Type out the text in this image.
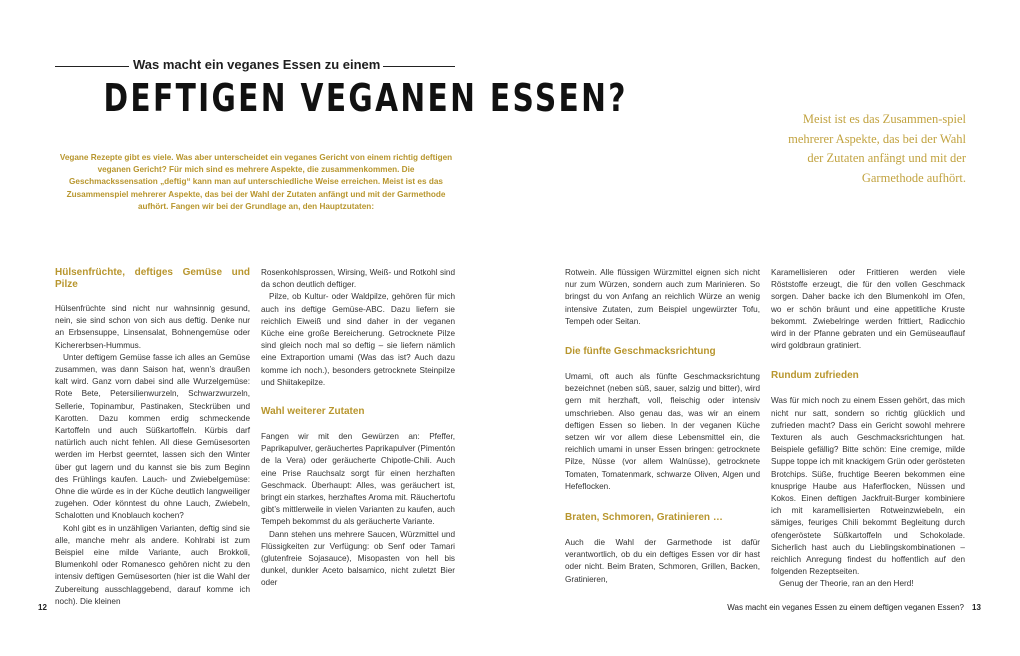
Was macht ein veganes Essen zu einem
DEFTIGEN VEGANEN ESSEN?
Vegane Rezepte gibt es viele. Was aber unterscheidet ein veganes Gericht von einem richtig deftigen veganen Gericht? Für mich sind es mehrere Aspekte, die zusammenkommen. Die Geschmackssensation „deftig“ kann man auf unterschiedliche Weise erreichen. Meist ist es das Zusammenspiel mehrerer Aspekte, das bei der Wahl der Zutaten anfängt und mit der Garmethode aufhört. Fangen wir bei der Grundlage an, den Hauptzutaten:
Meist ist es das Zusammen-spiel mehrerer Aspekte, das bei der Wahl der Zutaten anfängt und mit der Garmethode aufhört.
Hülsenfrüchte, deftiges Gemüse und Pilze

Hülsenfrüchte sind nicht nur wahnsinnig gesund, nein, sie sind schon von sich aus deftig. Denke nur an Erbsensuppe, Linsensalat, Bohnengemüse oder Kichererbsen-Hummus.

Unter deftigem Gemüse fasse ich alles an Gemüse zusammen, was dann Saison hat, wenn’s draußen kalt wird. Ganz vorn dabei sind alle Wurzelgemüse: Rote Bete, Petersilienwurzeln, Schwarzwurzeln, Sellerie, Topinambur, Pastinaken, Steckrüben und Karotten. Dazu kommen erdig schmeckende Kartoffeln und auch Süßkartoffeln. Kürbis darf natürlich auch nicht fehlen. All diese Gemüsesorten werden im Herbst geerntet, lassen sich den Winter über gut lagern und du kannst sie bis zum Beginn des Frühlings kaufen. Lauch- und Zwiebelgemüse: Ohne die würde es in der Küche deutlich langweiliger zugehen. Oder könntest du ohne Lauch, Zwiebeln, Schalotten und Knoblauch kochen?

Kohl gibt es in unzähligen Varianten, deftig sind sie alle, manche mehr als andere. Kohlrabi ist zum Beispiel eine milde Variante, auch Brokkoli, Blumenkohl oder Romanesco gehören nicht zu den intensiv deftigen Gemüsesorten (hier ist die Wahl der Zubereitung ausschlaggebend, darauf komme ich noch). Die kleinen

Rosenkohlsprossen, Wirsing, Weiß- und Rotkohl sind da schon deutlich deftiger.

Pilze, ob Kultur- oder Waldpilze, gehören für mich auch ins deftige Gemüse-ABC. Dazu liefern sie reichlich Eiweiß und sind daher in der veganen Küche eine große Bereicherung. Getrocknete Pilze sind gleich noch mal so deftig – sie liefern nämlich eine Extraportion umami (Was das ist? Auch dazu komme ich noch.), besonders getrocknete Steinpilze und Shiitakepilze.

Wahl weiterer Zutaten

Fangen wir mit den Gewürzen an: Pfeffer, Paprikapulver, geräuchertes Paprikapulver (Pimentón de la Vera) oder geräucherte Chipotle-Chili. Auch eine Prise Rauchsalz sorgt für einen herzhaften Geschmack. Überhaupt: Alles, was geräuchert ist, bringt ein starkes, herzhaftes Aroma mit. Räuchertofu gibt’s mittlerweile in vielen Varianten zu kaufen, auch Tempeh bekommst du als geräucherte Variante.

Dann stehen uns mehrere Saucen, Würzmittel und Flüssigkeiten zur Verfügung: ob Senf oder Tamari (glutenfreie Sojasauce), Misopasten von hell bis dunkel, dunkler Aceto balsamico, nicht zuletzt Bier oder

Rotwein. Alle flüssigen Würzmittel eignen sich nicht nur zum Würzen, sondern auch zum Marinieren. So bringst du von Anfang an reichlich Würze an wenig intensive Zutaten, zum Beispiel ungewürzter Tofu, Tempeh oder Seitan.

Die fünfte Geschmacksrichtung

Umami, oft auch als fünfte Geschmacksrichtung bezeichnet (neben süß, sauer, salzig und bitter), wird gern mit herzhaft, voll, fleischig oder intensiv umschrieben. Also genau das, was wir an einem deftigen Essen so lieben. In der veganen Küche setzen wir vor allem diese Lebensmittel ein, die reichlich umami in unser Essen bringen: getrocknete Pilze, Nüsse (vor allem Walnüsse), getrocknete Tomaten, Tomatenmark, schwarze Oliven, Algen und Hefeflocken.

Braten, Schmoren, Gratinieren …

Auch die Wahl der Garmethode ist dafür verantwortlich, ob du ein deftiges Essen vor dir hast oder nicht. Beim Braten, Schmoren, Grillen, Backen, Gratinieren,

Karamellisieren oder Frittieren werden viele Röststoffe erzeugt, die für den vollen Geschmack sorgen. Daher backe ich den Blumenkohl im Ofen, wo er schön bräunt und eine appetitliche Kruste bekommt. Zwiebelringe werden frittiert, Radicchio wird in der Pfanne gebraten und ein Gemüseauflauf wird goldbraun gratiniert.

Rundum zufrieden

Was für mich noch zu einem Essen gehört, das mich nicht nur satt, sondern so richtig glücklich und zufrieden macht? Dass ein Gericht sowohl mehrere Texturen als auch Geschmacksrichtungen hat. Beispiele gefällig? Bitte schön: Eine cremige, milde Suppe toppe ich mit knackigem Grün oder gerösteten Brotchips. Süße, fruchtige Beeren bekommen eine knusprige Haube aus Haferflocken, Nüssen und Kokos. Einen deftigen Jackfruit-Burger kombiniere ich mit karamellisierten Rotweinzwiebeln, ein sämiges, feuriges Chili bekommt Begleitung durch ofengeröstete Süßkartoffeln und Schokolade. Sicherlich hast auch du Lieblingskombinationen – reichlich Anregung findest du hoffentlich auf den folgenden Rezeptseiten.

Genug der Theorie, ran an den Herd!

12	Was macht ein veganes Essen zu einem deftigen veganen Essen? 13
